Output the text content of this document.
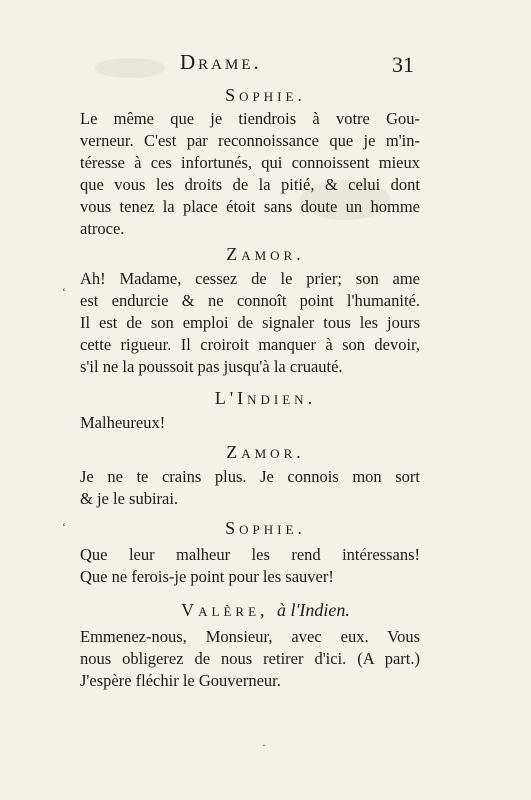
Drame.	31
Sophie.
Le même que je tiendrois à votre Gou-
verneur. C'est par reconnoissance que je m'in-
téresse à ces infortunés, qui connoissent mieux
que vous les droits de la pitié, & celui dont
vous tenez la place étoit sans doute un homme
atroce.
Zamor.
Ah! Madame, cessez de le prier; son ame
est endurcie & ne connoît point l'humanité.
Il est de son emploi de signaler tous les jours
cette rigueur. Il croiroit manquer à son devoir,
s'il ne la poussoit pas jusqu'à la cruauté.
L'Indien.
Malheureux!
Zamor.
Je ne te crains plus. Je connois mon sort
& je le subirai.
Sophie.
Que leur malheur les rend intéressans!
Que ne ferois-je point pour les sauver!
Valère, à l'Indien.
Emmenez-nous, Monsieur, avec eux. Vous
nous obligerez de nous retirer d'ici. (A part.)
J'espère fléchir le Gouverneur.
‘
‘
·
